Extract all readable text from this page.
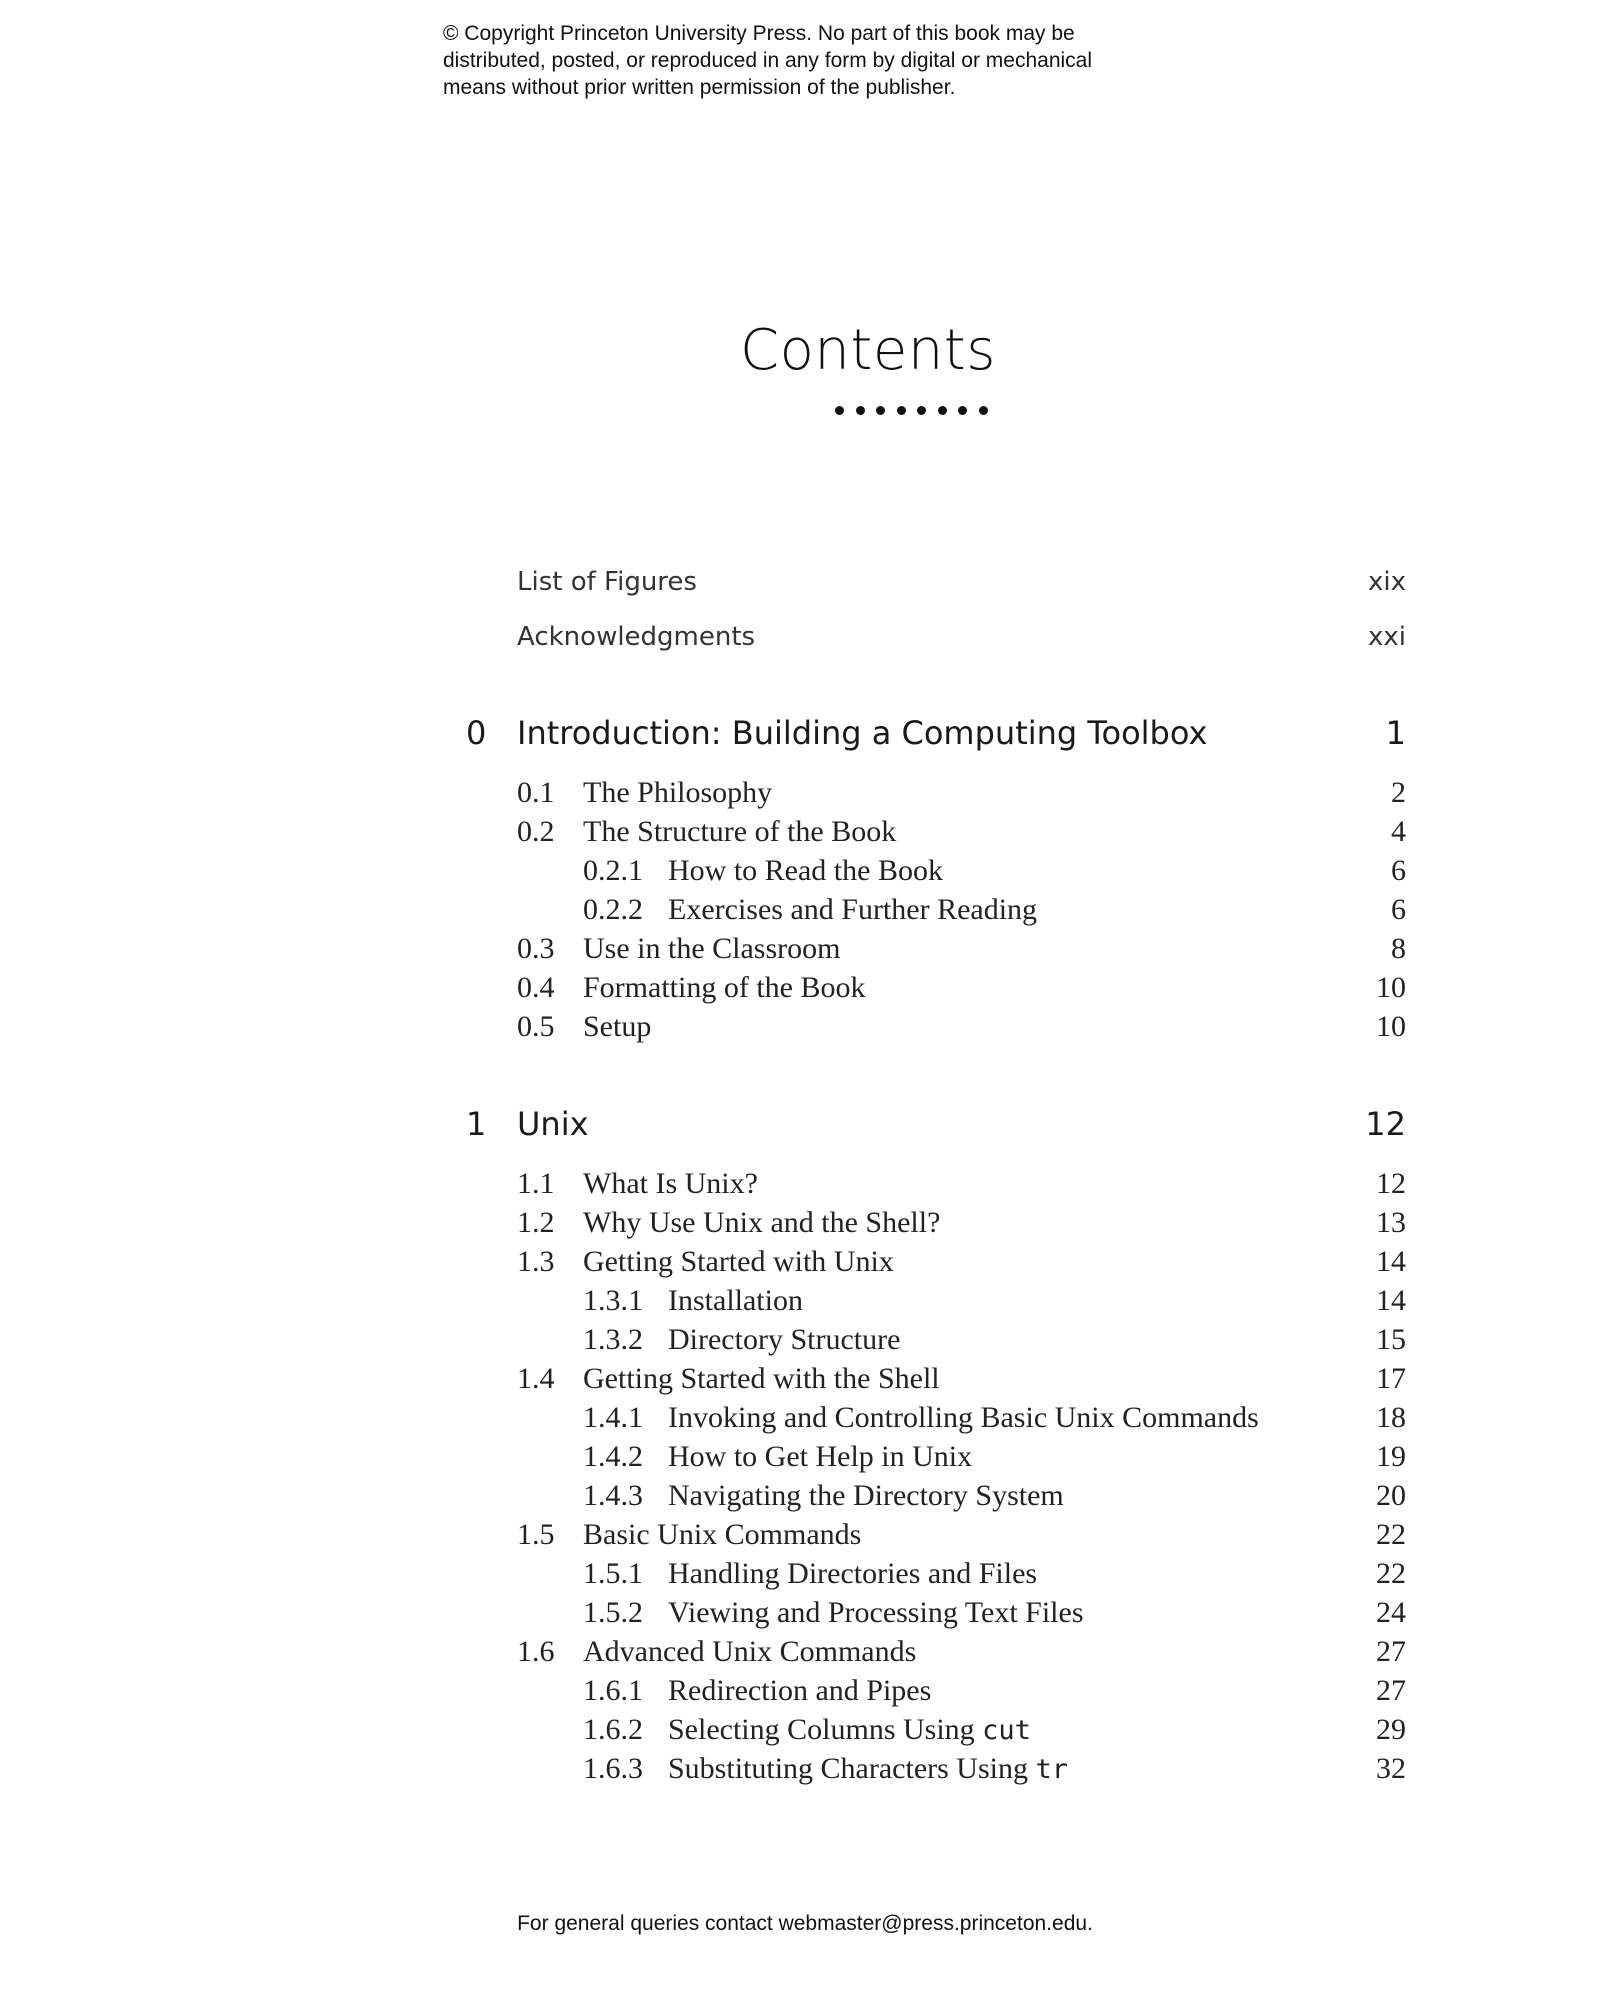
© Copyright Princeton University Press. No part of this book may be
distributed, posted, or reproduced in any form by digital or mechanical
means without prior written permission of the publisher.
Contents
List of Figures	xix
Acknowledgments	xxi
0 Introduction: Building a Computing Toolbox	1
0.1 The Philosophy	2
0.2 The Structure of the Book	4
0.2.1 How to Read the Book	6
0.2.2 Exercises and Further Reading	6
0.3 Use in the Classroom	8
0.4 Formatting of the Book	10
0.5 Setup	10
1 Unix	12
1.1 What Is Unix?	12
1.2 Why Use Unix and the Shell?	13
1.3 Getting Started with Unix	14
1.3.1 Installation	14
1.3.2 Directory Structure	15
1.4 Getting Started with the Shell	17
1.4.1 Invoking and Controlling Basic Unix Commands	18
1.4.2 How to Get Help in Unix	19
1.4.3 Navigating the Directory System	20
1.5 Basic Unix Commands	22
1.5.1 Handling Directories and Files	22
1.5.2 Viewing and Processing Text Files	24
1.6 Advanced Unix Commands	27
1.6.1 Redirection and Pipes	27
1.6.2 Selecting Columns Using cut	29
1.6.3 Substituting Characters Using tr	32
For general queries contact webmaster@press.princeton.edu.
